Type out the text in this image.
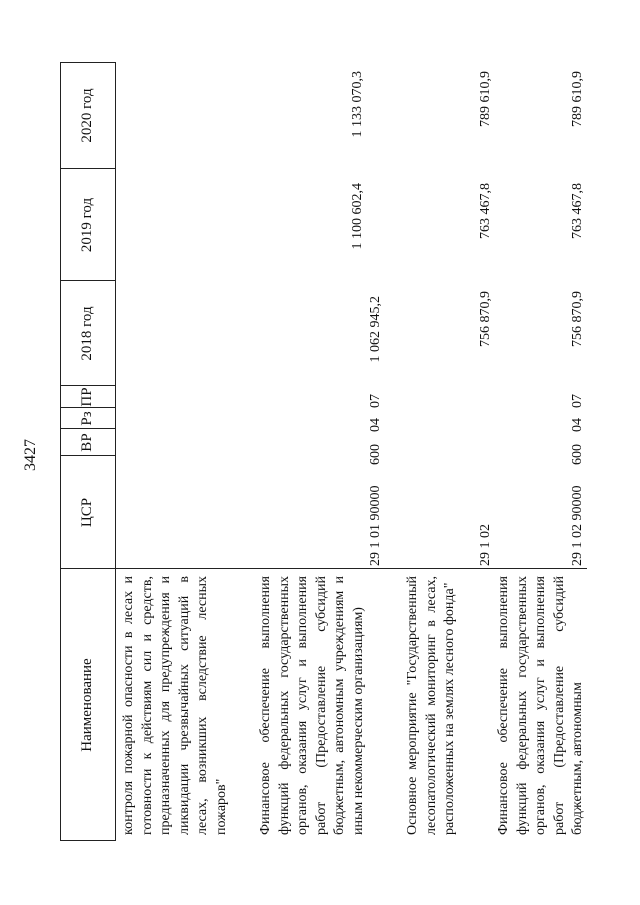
3427
Наименование
ЦСР
ВР
Рз
ПР
2018 год
2019 год
2020 год
контроля пожарной опасности в лесах и готовности к действиям сил и средств, предназначенных для предупреждения и ликвидации чрезвычайных ситуаций в лесах, возникших вследствие лесных пожаров" Финансовое обеспечение выполнения функций федеральных государственных органов, оказания услуг и выполнения работ (Предоставление субсидий бюджетным, автономным учреждениям и иным некоммерческим организациям)
29 1 01 90000
600
04
07
1 062 945,2
1 100 602,4
1 133 070,3
Основное мероприятие "Государственный лесопатологический мониторинг в лесах, расположенных на землях лесного фонда"
29 1 02
756 870,9
763 467,8
789 610,9
Финансовое обеспечение выполнения функций федеральных государственных органов, оказания услуг и выполнения работ (Предоставление субсидий бюджетным, автономным
29 1 02 90000
600
04
07
756 870,9
763 467,8
789 610,9
